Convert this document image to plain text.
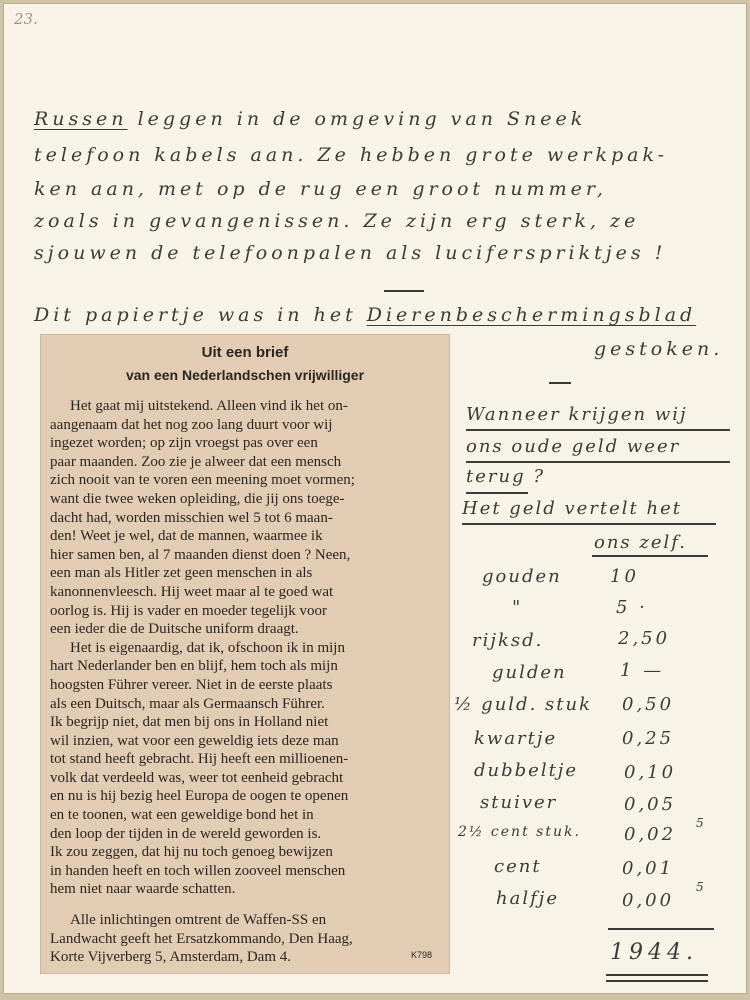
23.
Russen leggen in de omgeving van Sneek
telefoon kabels aan. Ze hebben grote werkpak-
ken aan, met op de rug een groot nummer,
zoals in gevangenissen. Ze zijn erg sterk, ze
sjouwen de telefoonpalen als luciferspriktjes !
Dit papiertje was in het Dierenbeschermingsblad
gestoken.
Uit een brief
van een Nederlandschen vrijwilliger
Het gaat mij uitstekend. Alleen vind ik het on-
aangenaam dat het nog zoo lang duurt voor wij
ingezet worden; op zijn vroegst pas over een
paar maanden. Zoo zie je alweer dat een mensch
zich nooit van te voren een meening moet vormen;
want die twee weken opleiding, die jij ons toege-
dacht had, worden misschien wel 5 tot 6 maan-
den! Weet je wel, dat de mannen, waarmee ik
hier samen ben, al 7 maanden dienst doen ? Neen,
een man als Hitler zet geen menschen in als
kanonnenvleesch. Hij weet maar al te goed wat
oorlog is. Hij is vader en moeder tegelijk voor
een ieder die de Duitsche uniform draagt.
Het is eigenaardig, dat ik, ofschoon ik in mijn
hart Nederlander ben en blijf, hem toch als mijn
hoogsten Führer vereer. Niet in de eerste plaats
als een Duitsch, maar als Germaansch Führer.
Ik begrijp niet, dat men bij ons in Holland niet
wil inzien, wat voor een geweldig iets deze man
tot stand heeft gebracht. Hij heeft een millioenen-
volk dat verdeeld was, weer tot eenheid gebracht
en nu is hij bezig heel Europa de oogen te openen
en te toonen, wat een geweldige bond het in
den loop der tijden in de wereld geworden is.
Ik zou zeggen, dat hij nu toch genoeg bewijzen
in handen heeft en toch willen zooveel menschen
hem niet naar waarde schatten.
Alle inlichtingen omtrent de Waffen-SS en
Landwacht geeft het Ersatzkommando, Den Haag,
Korte Vijverberg 5, Amsterdam, Dam 4.	K798
Wanneer krijgen wij
ons oude geld weer
terug ?
Het geld vertelt het
ons zelf.
gouden	10
"	5 ·
rijksd.	2,50
gulden	1 —
½ guld. stuk 0,50
kwartje	0,25
dubbeltje	0,10
stuiver	0,05
2½ cent stuk. 0,02
5
cent	0,01
halfje	0,00
5
1944.
